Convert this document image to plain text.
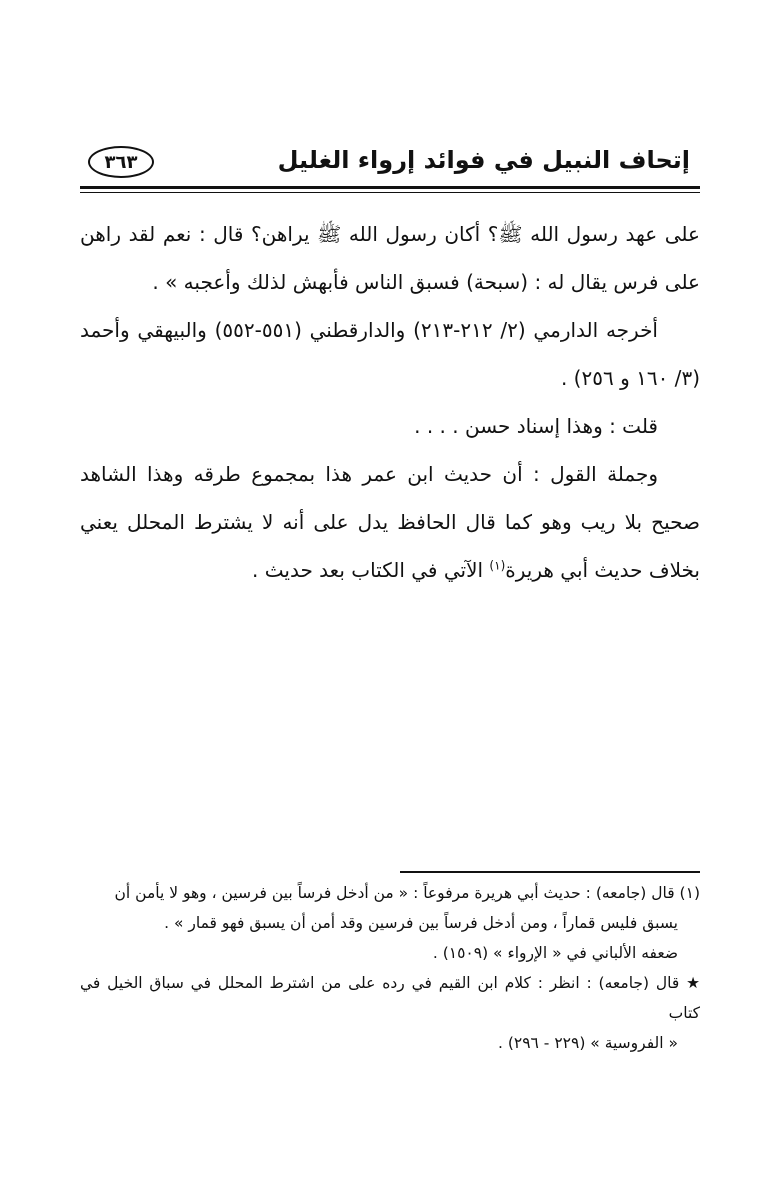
إتحاف النبيل في فوائد إرواء الغليل
٣٦٣

على عهد رسول الله ﷺ؟ أكان رسول الله ﷺ يراهن؟ قال : نعم لقد راهن على فرس يقال له : (سبحة) فسبق الناس فأبهش لذلك وأعجبه » .

أخرجه الدارمي (٢/ ٢١٢-٢١٣) والدارقطني (٥٥١-٥٥٢) والبيهقي وأحمد (٣/ ١٦٠ و ٢٥٦) .

قلت : وهذا إسناد حسن . . . .

وجملة القول : أن حديث ابن عمر هذا بمجموع طرقه وهذا الشاهد صحيح بلا ريب وهو كما قال الحافظ يدل على أنه لا يشترط المحلل يعني بخلاف حديث أبي هريرة$^{(١)}$ الآتي في الكتاب بعد حديث .

(١) قال (جامعه) : حديث أبي هريرة مرفوعاً : « من أدخل فرساً بين فرسين ، وهو لا يأمن أن

يسبق فليس قماراً ، ومن أدخل فرساً بين فرسين وقد أمن أن يسبق فهو قمار » .

ضعفه الألباني في « الإرواء » (١٥٠٩) .

★ قال (جامعه) : انظر : كلام ابن القيم في رده على من اشترط المحلل في سباق الخيل في كتاب

« الفروسية » (٢٢٩ - ٢٩٦) .
